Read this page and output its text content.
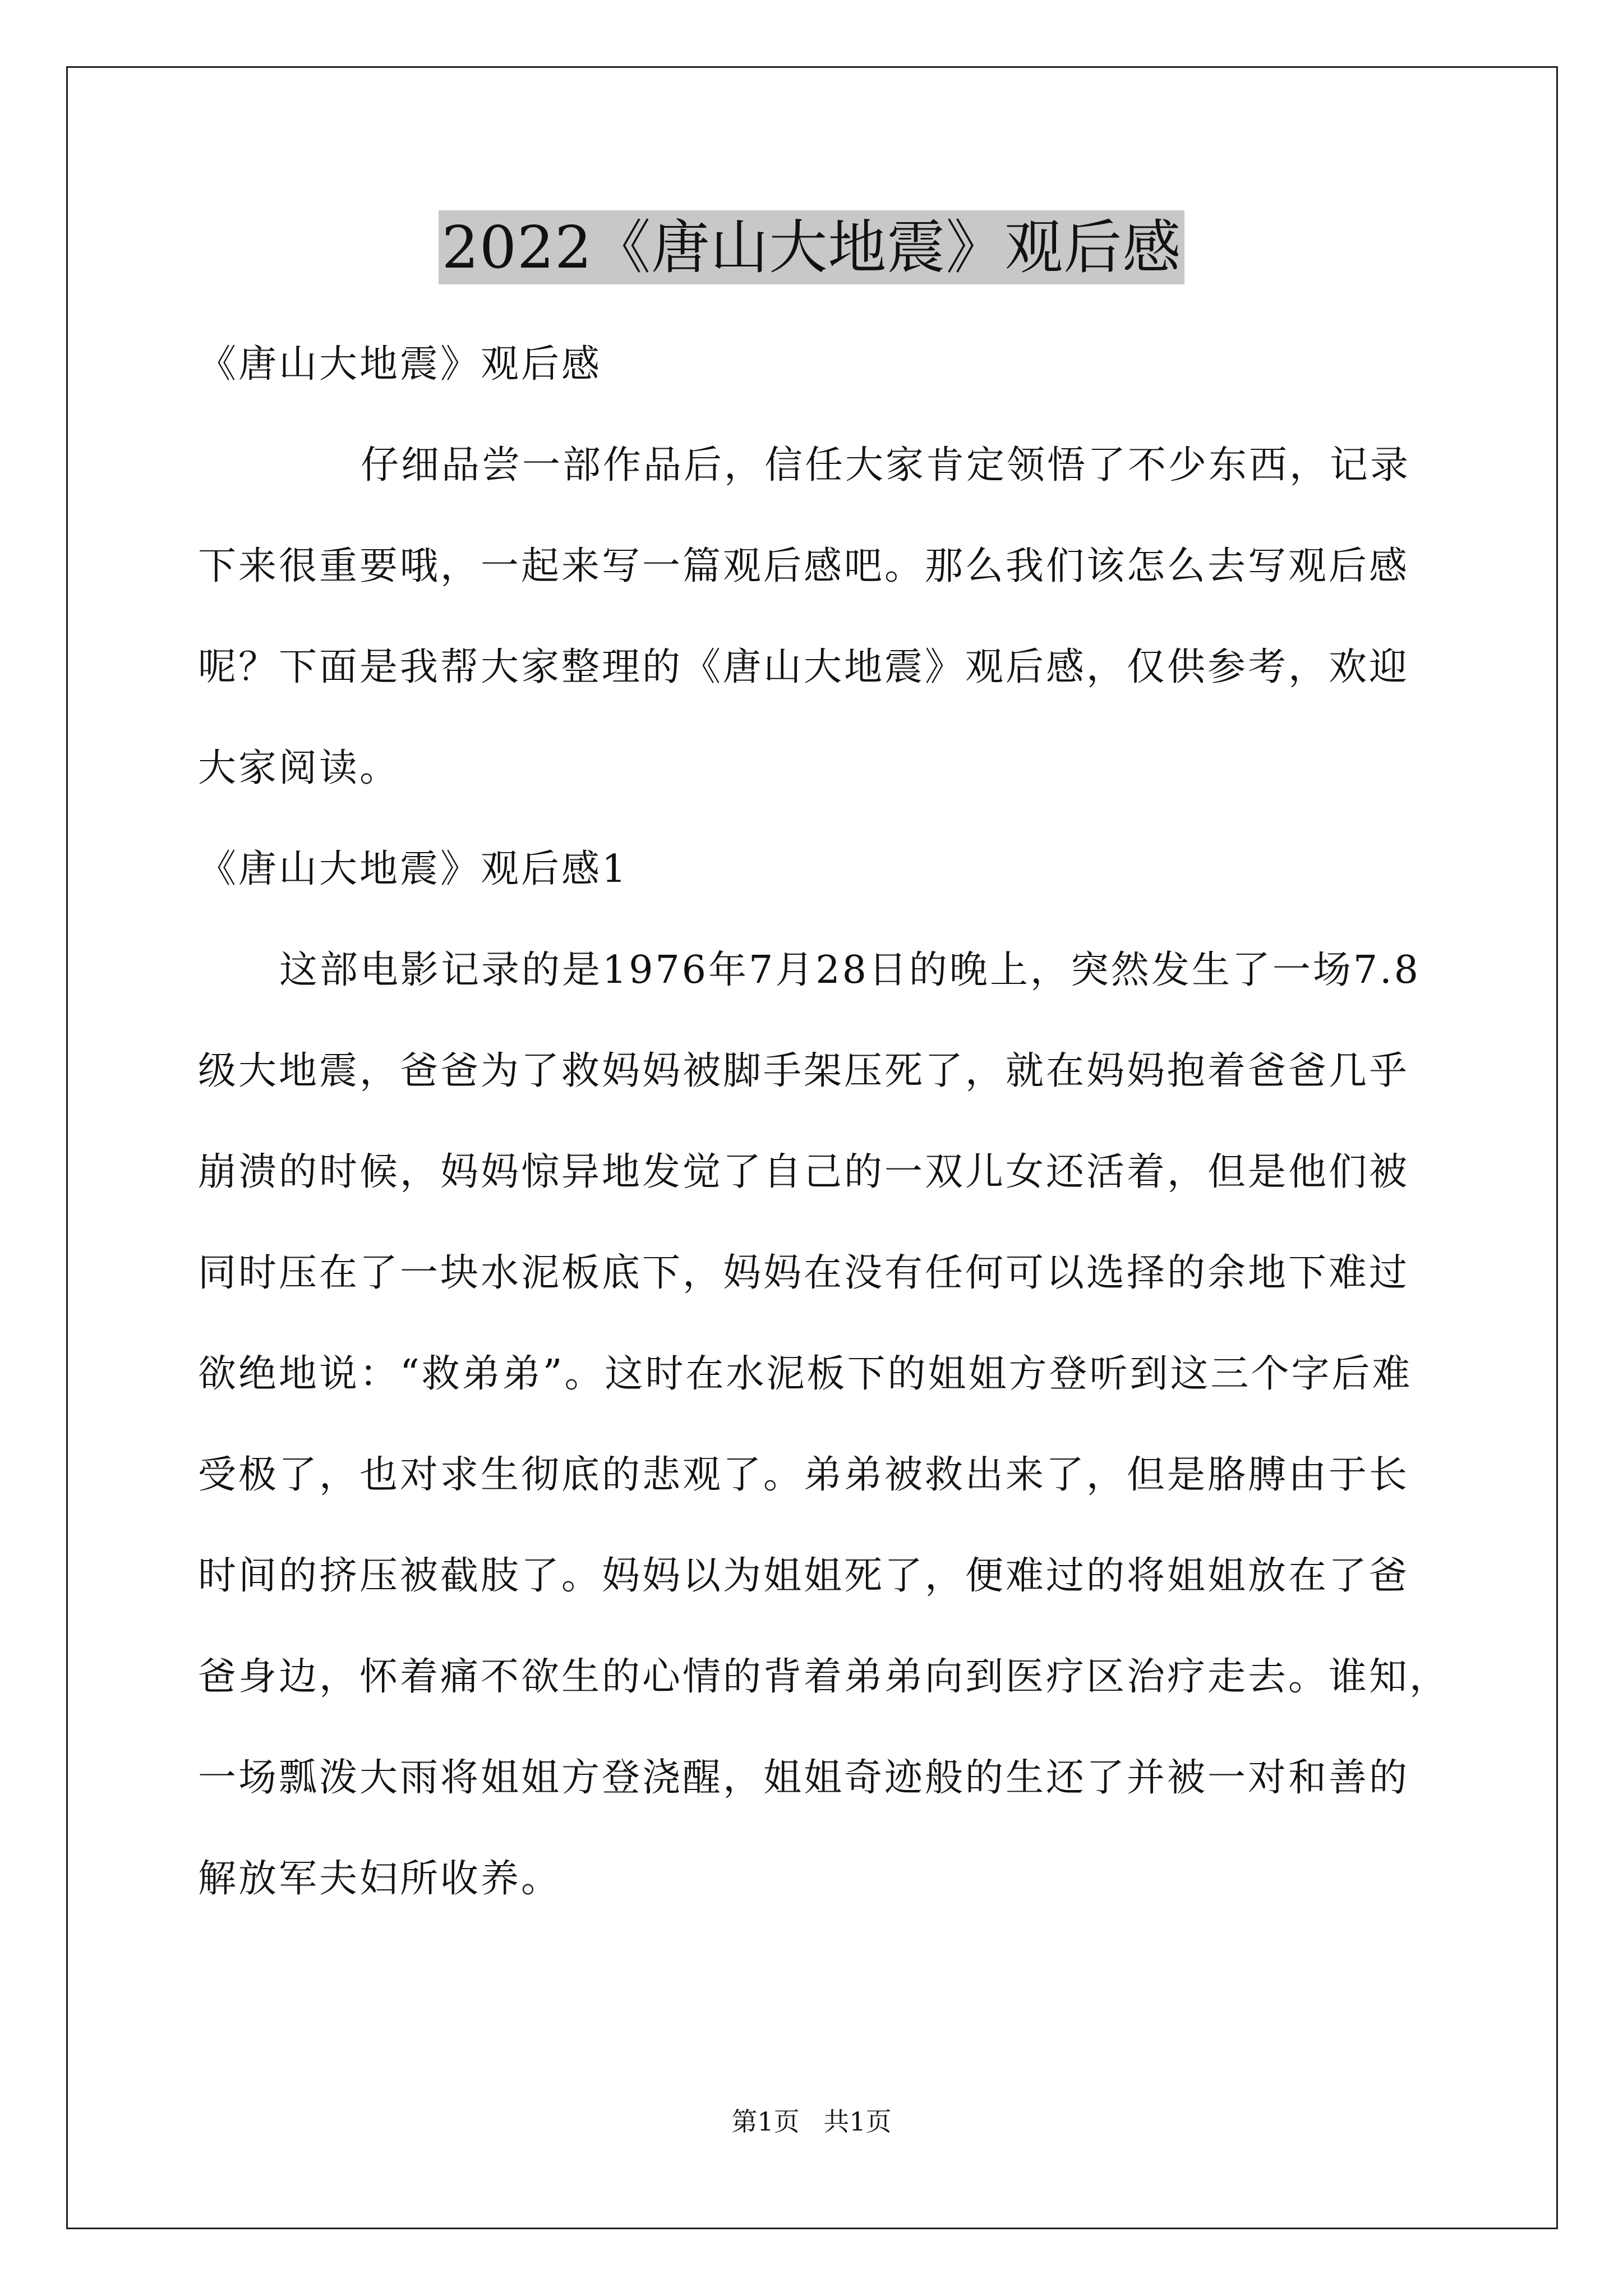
2022《唐山大地震》观后感
《唐山大地震》观后感
仔细品尝一部作品后，信任大家肯定领悟了不少东西，记录
下来很重要哦，一起来写一篇观后感吧。那么我们该怎么去写观后感
呢？下面是我帮大家整理的《唐山大地震》观后感，仅供参考，欢迎
大家阅读。
《唐山大地震》观后感1
这部电影记录的是1976年7月28日的晚上，突然发生了一场7.8
级大地震，爸爸为了救妈妈被脚手架压死了，就在妈妈抱着爸爸几乎
崩溃的时候，妈妈惊异地发觉了自己的一双儿女还活着，但是他们被
同时压在了一块水泥板底下，妈妈在没有任何可以选择的余地下难过
欲绝地说：“救弟弟”。这时在水泥板下的姐姐方登听到这三个字后难
受极了，也对求生彻底的悲观了。弟弟被救出来了，但是胳膊由于长
时间的挤压被截肢了。妈妈以为姐姐死了，便难过的将姐姐放在了爸
爸身边，怀着痛不欲生的心情的背着弟弟向到医疗区治疗走去。谁知，
一场瓢泼大雨将姐姐方登浇醒，姐姐奇迹般的生还了并被一对和善的
解放军夫妇所收养。
第1页 共1页
